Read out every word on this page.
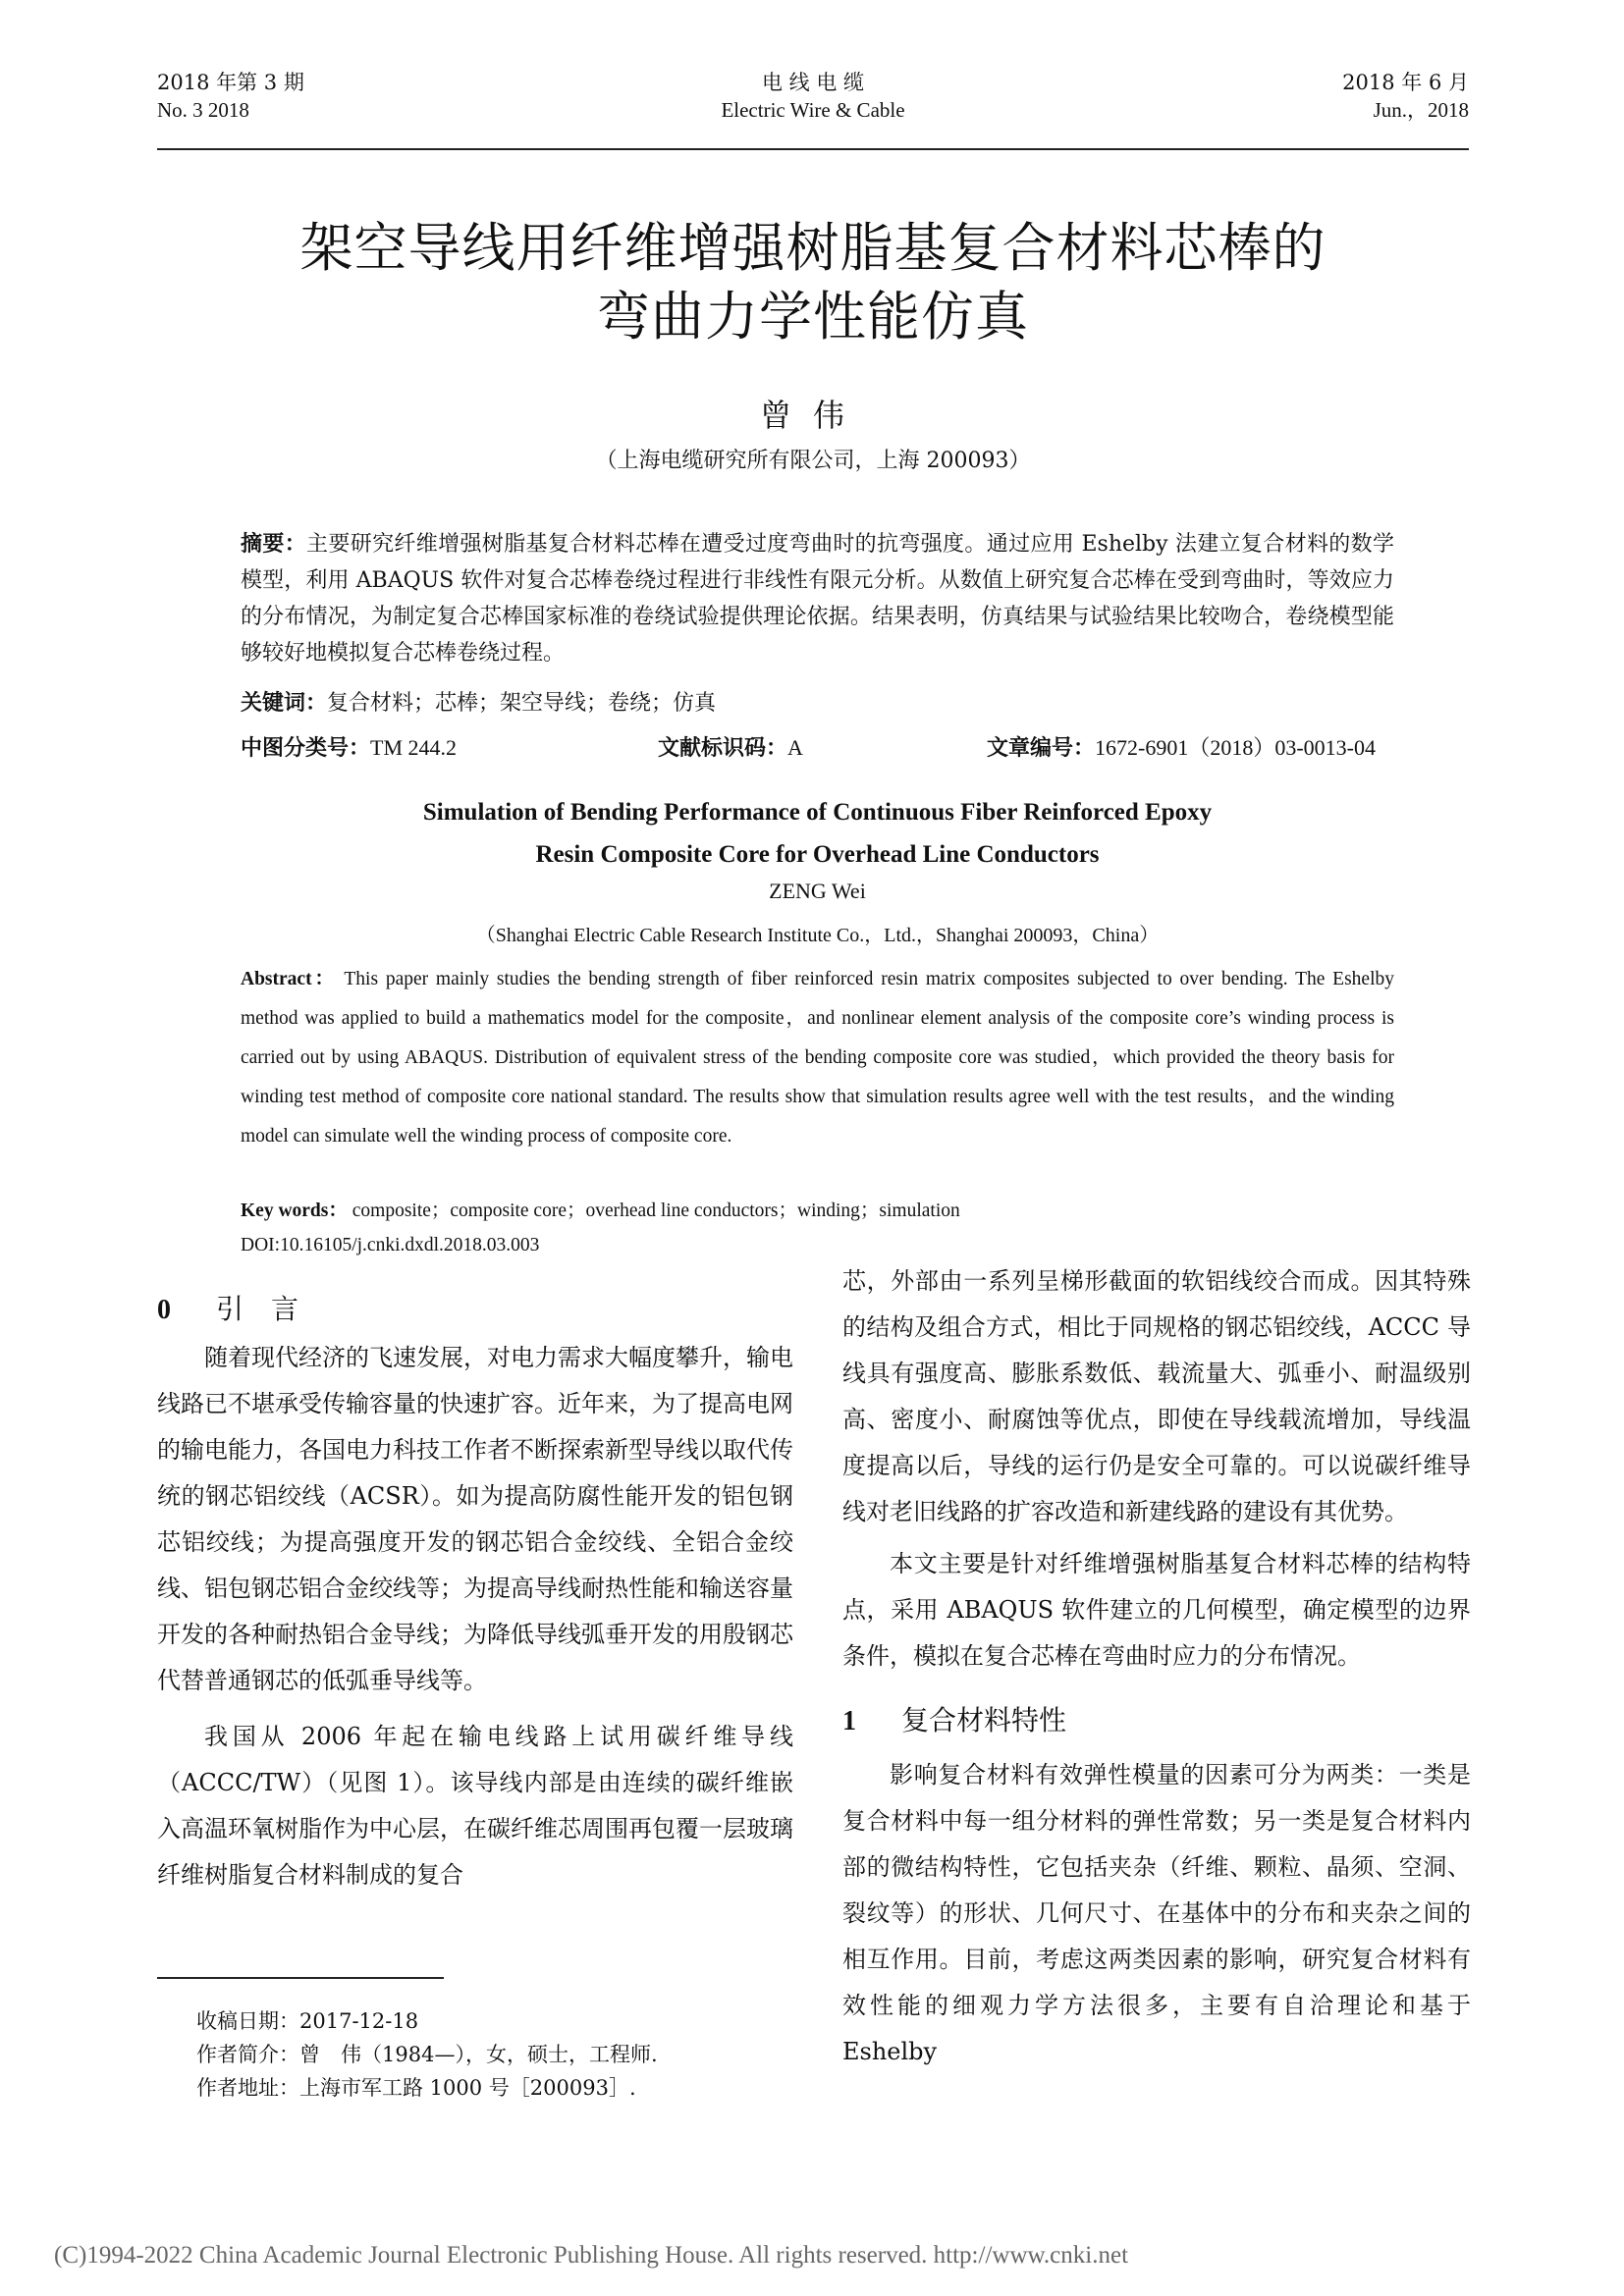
2018 年第 3 期
No. 3 2018
电 线 电 缆
Electric Wire & Cable
2018 年 6 月
Jun.，2018
架空导线用纤维增强树脂基复合材料芯棒的
弯曲力学性能仿真
曾伟
（上海电缆研究所有限公司，上海 200093）
摘要：主要研究纤维增强树脂基复合材料芯棒在遭受过度弯曲时的抗弯强度。通过应用 Eshelby 法建立复合材料的数学模型，利用 ABAQUS 软件对复合芯棒卷绕过程进行非线性有限元分析。从数值上研究复合芯棒在受到弯曲时，等效应力的分布情况，为制定复合芯棒国家标准的卷绕试验提供理论依据。结果表明，仿真结果与试验结果比较吻合，卷绕模型能够较好地模拟复合芯棒卷绕过程。
关键词：复合材料；芯棒；架空导线；卷绕；仿真
中图分类号：TM 244.2	文献标识码：A	文章编号：1672-6901（2018）03-0013-04
Simulation of Bending Performance of Continuous Fiber Reinforced Epoxy
Resin Composite Core for Overhead Line Conductors
ZENG Wei
（Shanghai Electric Cable Research Institute Co.，Ltd.，Shanghai 200093，China）
Abstract： This paper mainly studies the bending strength of fiber reinforced resin matrix composites subjected to over bending. The Eshelby method was applied to build a mathematics model for the composite，and nonlinear element analysis of the composite core’s winding process is carried out by using ABAQUS. Distribution of equivalent stress of the bending composite core was studied，which provided the theory basis for winding test method of composite core national standard. The results show that simulation results agree well with the test results，and the winding model can simulate well the winding process of composite core.
Key words： composite；composite core；overhead line conductors；winding；simulation
DOI:10.16105/j.cnki.dxdl.2018.03.003
0 引　言

随着现代经济的飞速发展，对电力需求大幅度攀升，输电线路已不堪承受传输容量的快速扩容。近年来，为了提高电网的输电能力，各国电力科技工作者不断探索新型导线以取代传统的钢芯铝绞线（ACSR）。如为提高防腐性能开发的铝包钢芯铝绞线；为提高强度开发的钢芯铝合金绞线、全铝合金绞线、铝包钢芯铝合金绞线等；为提高导线耐热性能和输送容量开发的各种耐热铝合金导线；为降低导线弧垂开发的用殷钢芯代替普通钢芯的低弧垂导线等。

我国从 2006 年起在输电线路上试用碳纤维导线（ACCC/TW）（见图 1）。该导线内部是由连续的碳纤维嵌入高温环氧树脂作为中心层，在碳纤维芯周围再包覆一层玻璃纤维树脂复合材料制成的复合

芯，外部由一系列呈梯形截面的软铝线绞合而成。因其特殊的结构及组合方式，相比于同规格的钢芯铝绞线，ACCC 导线具有强度高、膨胀系数低、载流量大、弧垂小、耐温级别高、密度小、耐腐蚀等优点，即使在导线载流增加，导线温度提高以后，导线的运行仍是安全可靠的。可以说碳纤维导线对老旧线路的扩容改造和新建线路的建设有其优势。

本文主要是针对纤维增强树脂基复合材料芯棒的结构特点，采用 ABAQUS 软件建立的几何模型，确定模型的边界条件，模拟在复合芯棒在弯曲时应力的分布情况。

1 复合材料特性

影响复合材料有效弹性模量的因素可分为两类：一类是复合材料中每一组分材料的弹性常数；另一类是复合材料内部的微结构特性，它包括夹杂（纤维、颗粒、晶须、空洞、裂纹等）的形状、几何尺寸、在基体中的分布和夹杂之间的相互作用。目前，考虑这两类因素的影响，研究复合材料有效性能的细观力学方法很多，主要有自洽理论和基于 Eshelby

收稿日期：2017-12-18
作者简介：曾　伟（1984—），女，硕士，工程师.
作者地址：上海市军工路 1000 号［200093］.
(C)1994-2022 China Academic Journal Electronic Publishing House. All rights reserved. http://www.cnki.net
